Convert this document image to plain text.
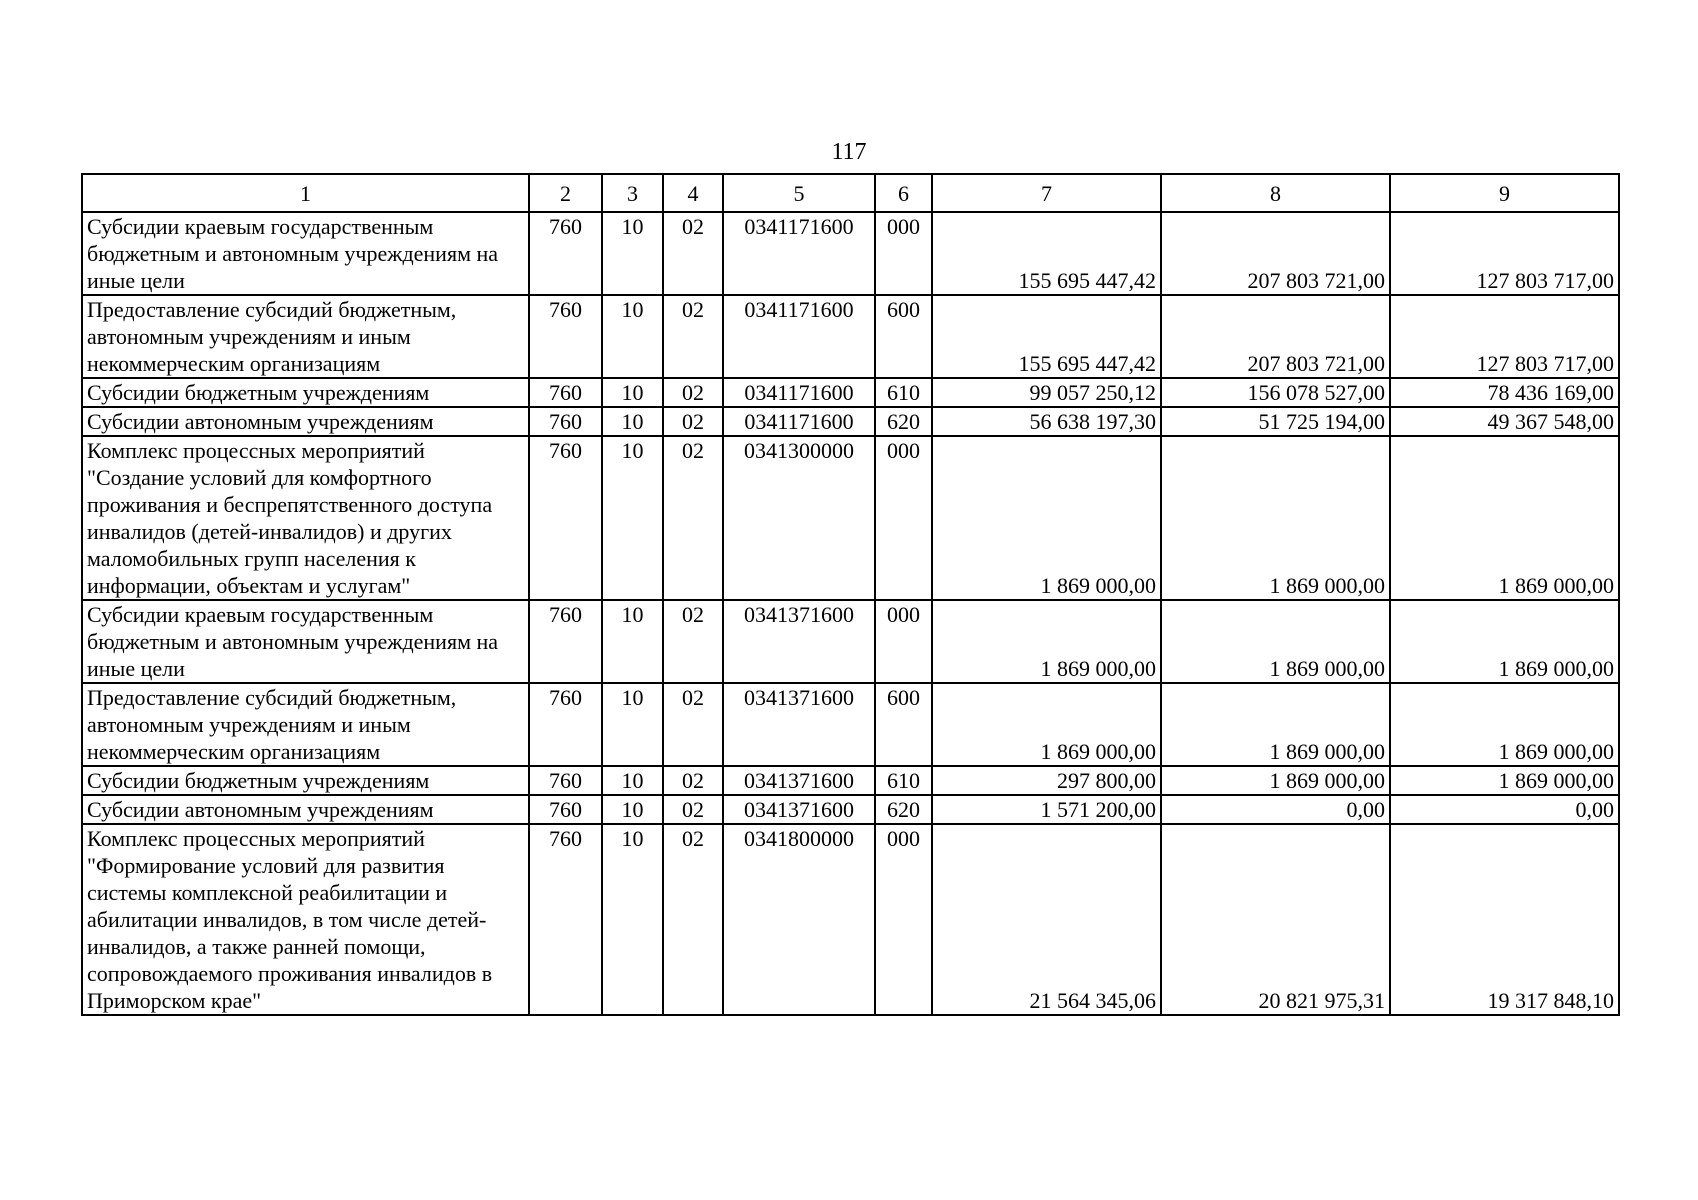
117
1	2	3	4	5	6	7	8	9
Субсидии краевым государственным бюджетным и автономным учреждениям на иные цели	760	10	02	0341171600	000	155 695 447,42	207 803 721,00	127 803 717,00
Предоставление субсидий бюджетным, автономным учреждениям и иным некоммерческим организациям	760	10	02	0341171600	600	155 695 447,42	207 803 721,00	127 803 717,00
Субсидии бюджетным учреждениям	760	10	02	0341171600	610	99 057 250,12	156 078 527,00	78 436 169,00
Субсидии автономным учреждениям	760	10	02	0341171600	620	56 638 197,30	51 725 194,00	49 367 548,00
Комплекс процессных мероприятий "Создание условий для комфортного проживания и беспрепятственного доступа инвалидов (детей-инвалидов) и других маломобильных групп населения к информации, объектам и услугам"	760	10	02	0341300000	000	1 869 000,00	1 869 000,00	1 869 000,00
Субсидии краевым государственным бюджетным и автономным учреждениям на иные цели	760	10	02	0341371600	000	1 869 000,00	1 869 000,00	1 869 000,00
Предоставление субсидий бюджетным, автономным учреждениям и иным некоммерческим организациям	760	10	02	0341371600	600	1 869 000,00	1 869 000,00	1 869 000,00
Субсидии бюджетным учреждениям	760	10	02	0341371600	610	297 800,00	1 869 000,00	1 869 000,00
Субсидии автономным учреждениям	760	10	02	0341371600	620	1 571 200,00	0,00	0,00
Комплекс процессных мероприятий "Формирование условий для развития системы комплексной реабилитации и абилитации инвалидов, в том числе детей-инвалидов, а также ранней помощи, сопровождаемого проживания инвалидов в Приморском крае"	760	10	02	0341800000	000	21 564 345,06	20 821 975,31	19 317 848,10
